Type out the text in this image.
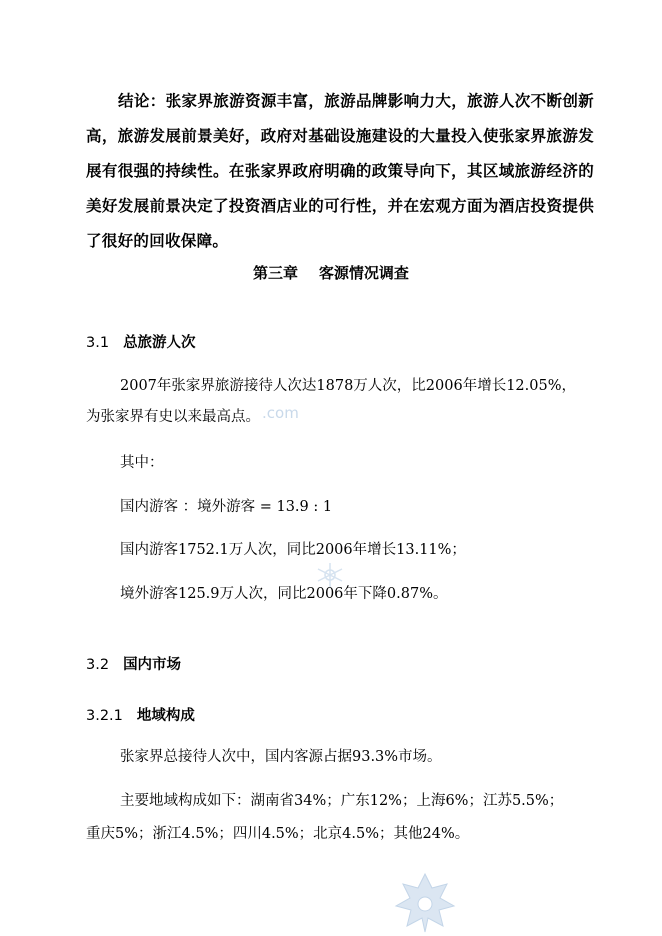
结论：张家界旅游资源丰富，旅游品牌影响力大，旅游人次不断创新高，旅游发展前景美好，政府对基础设施建设的大量投入使张家界旅游发展有很强的持续性。在张家界政府明确的政策导向下，其区域旅游经济的美好发展前景决定了投资酒店业的可行性，并在宏观方面为酒店投资提供了很好的回收保障。

第三章    客源情况调查
3.1 总旅游人次

2007年张家界旅游接待人次达1878万人次，比2006年增长12.05%，

为张家界有史以来最高点。

其中：

国内游客 ：境外游客 = 13.9 : 1

国内游客1752.1万人次，同比2006年增长13.11%；

境外游客125.9万人次，同比2006年下降0.87%。

3.2 国内市场
3.2.1 地域构成

张家界总接待人次中，国内客源占据93.3%市场。

主要地域构成如下：湖南省34%；广东12%；上海6%；江苏5.5%；

重庆5%；浙江4.5%；四川4.5%；北京4.5%；其他24%。

.com
